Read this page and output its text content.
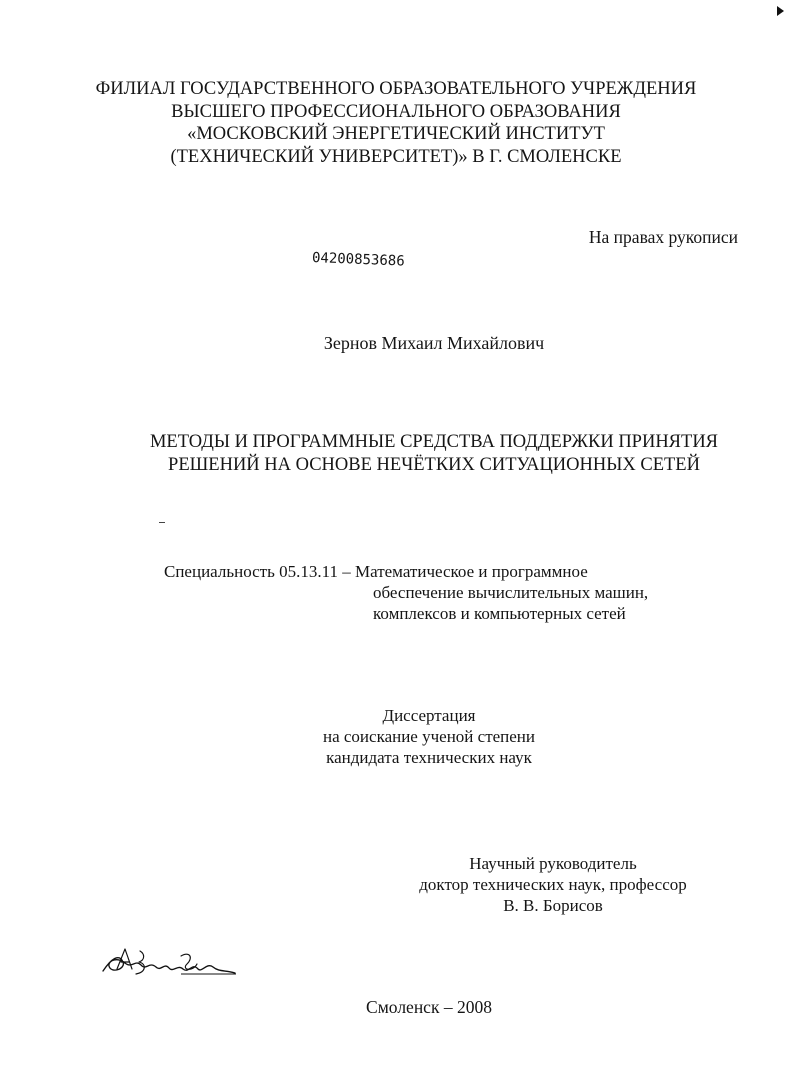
ФИЛИАЛ ГОСУДАРСТВЕННОГО ОБРАЗОВАТЕЛЬНОГО УЧРЕЖДЕНИЯ
ВЫСШЕГО ПРОФЕССИОНАЛЬНОГО ОБРАЗОВАНИЯ
«МОСКОВСКИЙ ЭНЕРГЕТИЧЕСКИЙ ИНСТИТУТ
(ТЕХНИЧЕСКИЙ УНИВЕРСИТЕТ)» В Г. СМОЛЕНСКЕ
На правах рукописи
04200853686
Зернов Михаил Михайлович
МЕТОДЫ И ПРОГРАММНЫЕ СРЕДСТВА ПОДДЕРЖКИ ПРИНЯТИЯ
РЕШЕНИЙ НА ОСНОВЕ НЕЧЁТКИХ СИТУАЦИОННЫХ СЕТЕЙ
Специальность 05.13.11 – Математическое и программное
обеспечение вычислительных машин,
комплексов и компьютерных сетей
Диссертация
на соискание ученой степени
кандидата технических наук
Научный руководитель
доктор технических наук, профессор
В. В. Борисов
Смоленск – 2008
